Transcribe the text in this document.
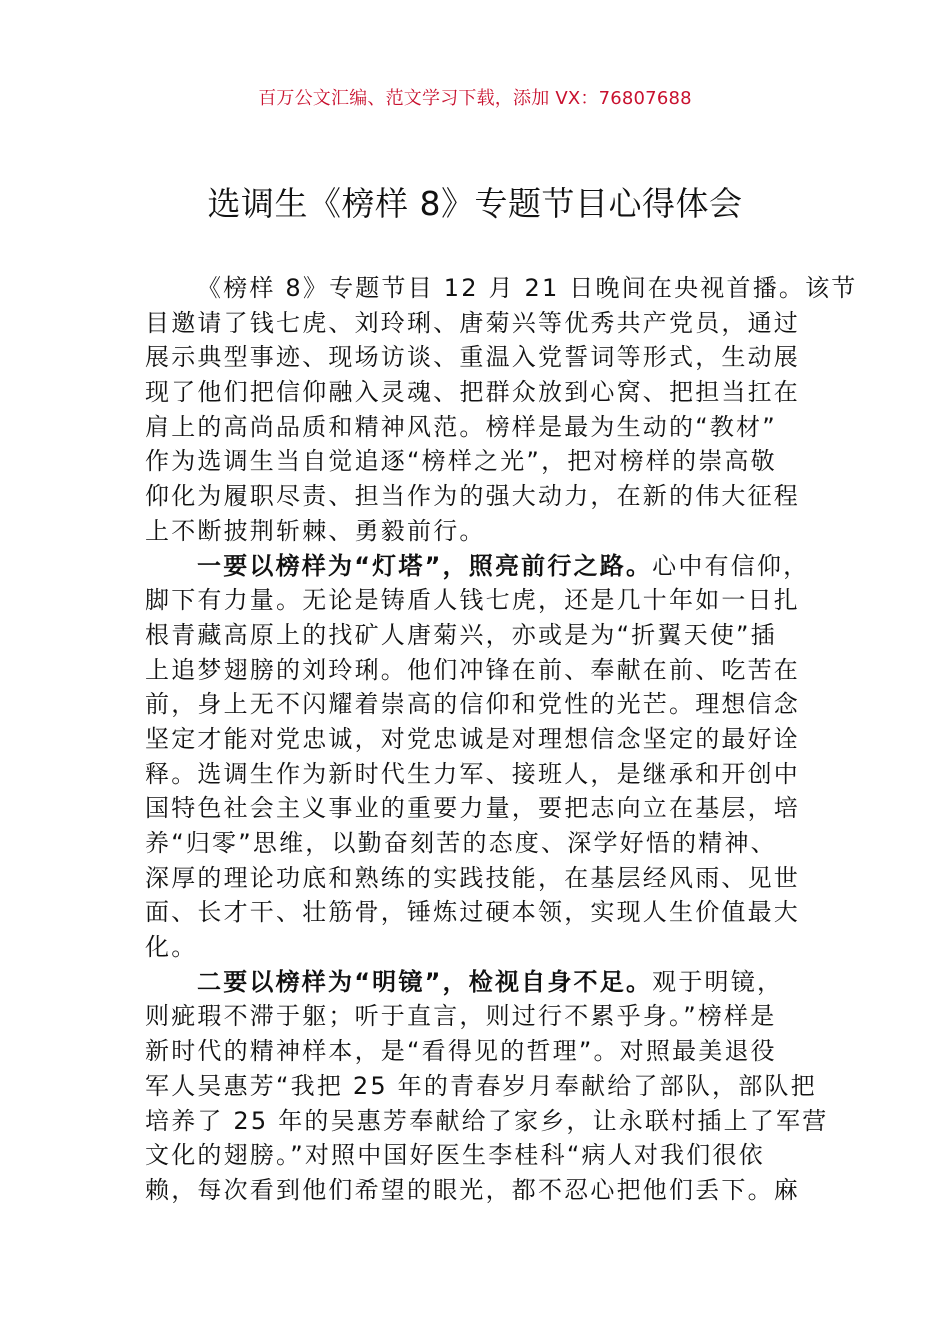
百万公文汇编、范文学习下载，添加 VX：76807688
选调生《榜样 8》专题节目心得体会
《榜样 8》专题节目 12 月 21 日晚间在央视首播。该节
目邀请了钱七虎、刘玲琍、唐菊兴等优秀共产党员，通过
展示典型事迹、现场访谈、重温入党誓词等形式，生动展
现了他们把信仰融入灵魂、把群众放到心窝、把担当扛在
肩上的高尚品质和精神风范。榜样是最为生动的“教材”
作为选调生当自觉追逐“榜样之光”，把对榜样的崇高敬
仰化为履职尽责、担当作为的强大动力，在新的伟大征程
上不断披荆斩棘、勇毅前行。
一要以榜样为“灯塔”，照亮前行之路。心中有信仰，
脚下有力量。无论是铸盾人钱七虎，还是几十年如一日扎
根青藏高原上的找矿人唐菊兴，亦或是为“折翼天使”插
上追梦翅膀的刘玲琍。他们冲锋在前、奉献在前、吃苦在
前，身上无不闪耀着崇高的信仰和党性的光芒。理想信念
坚定才能对党忠诚，对党忠诚是对理想信念坚定的最好诠
释。选调生作为新时代生力军、接班人，是继承和开创中
国特色社会主义事业的重要力量，要把志向立在基层，培
养“归零”思维，以勤奋刻苦的态度、深学好悟的精神、
深厚的理论功底和熟练的实践技能，在基层经风雨、见世
面、长才干、壮筋骨，锤炼过硬本领，实现人生价值最大
化。
二要以榜样为“明镜”，检视自身不足。观于明镜，
则疵瑕不滞于躯；听于直言，则过行不累乎身。”榜样是
新时代的精神样本，是“看得见的哲理”。对照最美退役
军人吴惠芳“我把 25 年的青春岁月奉献给了部队，部队把
培养了 25 年的吴惠芳奉献给了家乡，让永联村插上了军营
文化的翅膀。”对照中国好医生李桂科“病人对我们很依
赖，每次看到他们希望的眼光，都不忍心把他们丢下。麻
